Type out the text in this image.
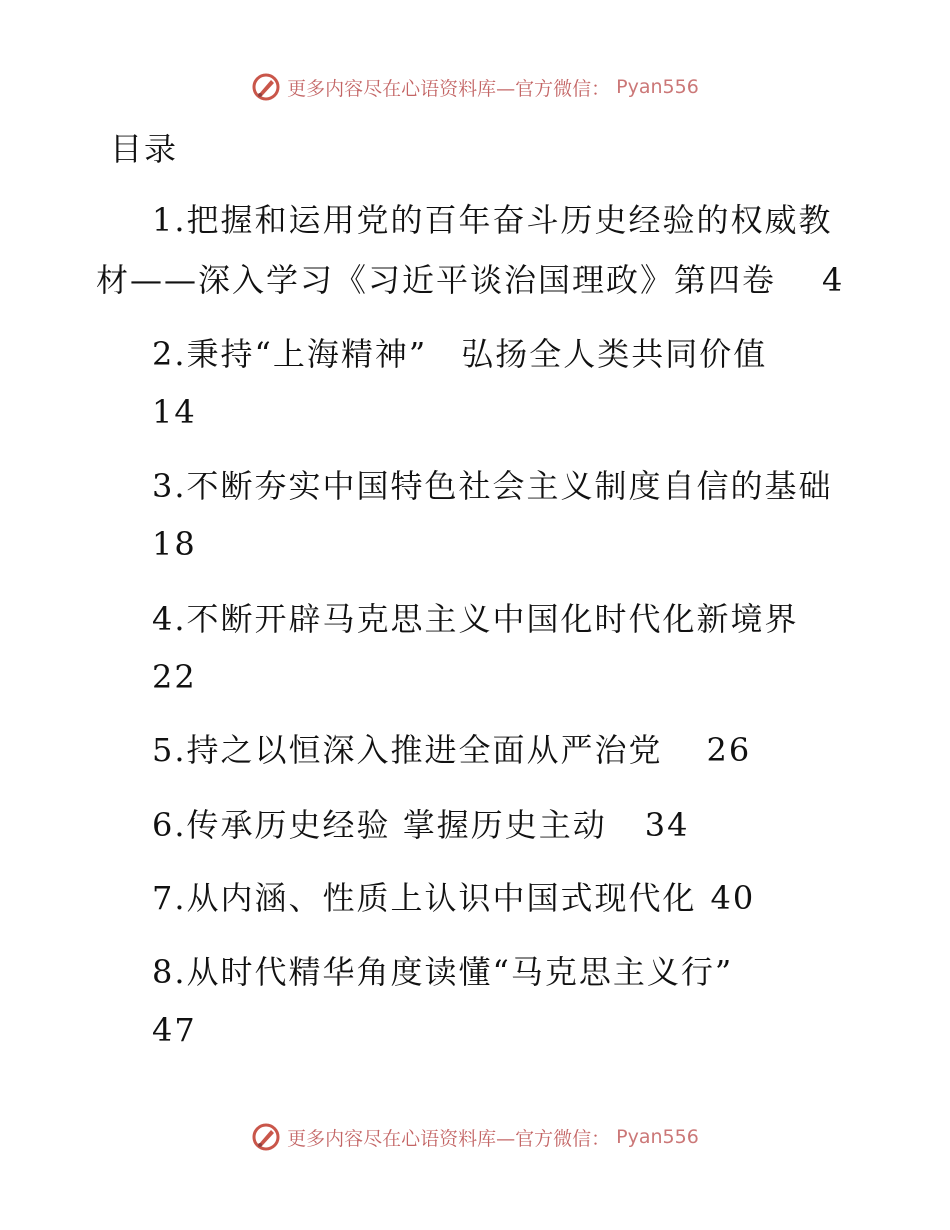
更多内容尽在心语资料库—官方微信： Pyan556
目录
1.把握和运用党的百年奋斗历史经验的权威教
材——深入学习《习近平谈治国理政》第四卷 4
2.秉持“上海精神”　弘扬全人类共同价值
14
3.不断夯实中国特色社会主义制度自信的基础
18
4.不断开辟马克思主义中国化时代化新境界
22
5.持之以恒深入推进全面从严治党 26
6.传承历史经验 掌握历史主动 34
7.从内涵、性质上认识中国式现代化 40
8.从时代精华角度读懂“马克思主义行”
47
更多内容尽在心语资料库—官方微信： Pyan556
